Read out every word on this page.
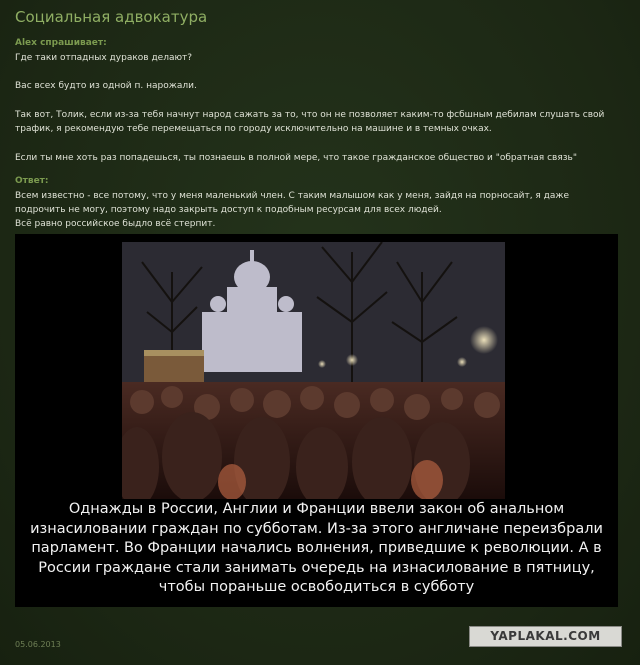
Социальная адвокатура
Alex спрашивает:
Где таки отпадных дураков делают?
Вас всех будто из одной п. нарожали.
Так вот, Толик, если из-за тебя начнут народ сажать за то, что он не позволяет каким-то фсбшным дебилам слушать свой трафик, я рекомендую тебе перемещаться по городу исключительно на машине и в темных очках.
Если ты мне хоть раз попадешься, ты познаешь в полной мере, что такое гражданское общество и "обратная связь"
Ответ:
Всем известно - все потому, что у меня маленький член. С таким малышом как у меня, зайдя на порносайт, я даже подрочить не могу, поэтому надо закрыть доступ к подобным ресурсам для всех людей.
Всё равно российское быдло всё стерпит.
Однажды в России, Англии и Франции ввели закон об анальном
изнасиловании граждан по субботам. Из-за этого англичане переизбрали
парламент. Во Франции начались волнения, приведшие к революции. А в
России граждане стали занимать очередь на изнасилование в пятницу,
чтобы пораньше освободиться в субботу
05.06.2013
YAPLAKAL.COM
